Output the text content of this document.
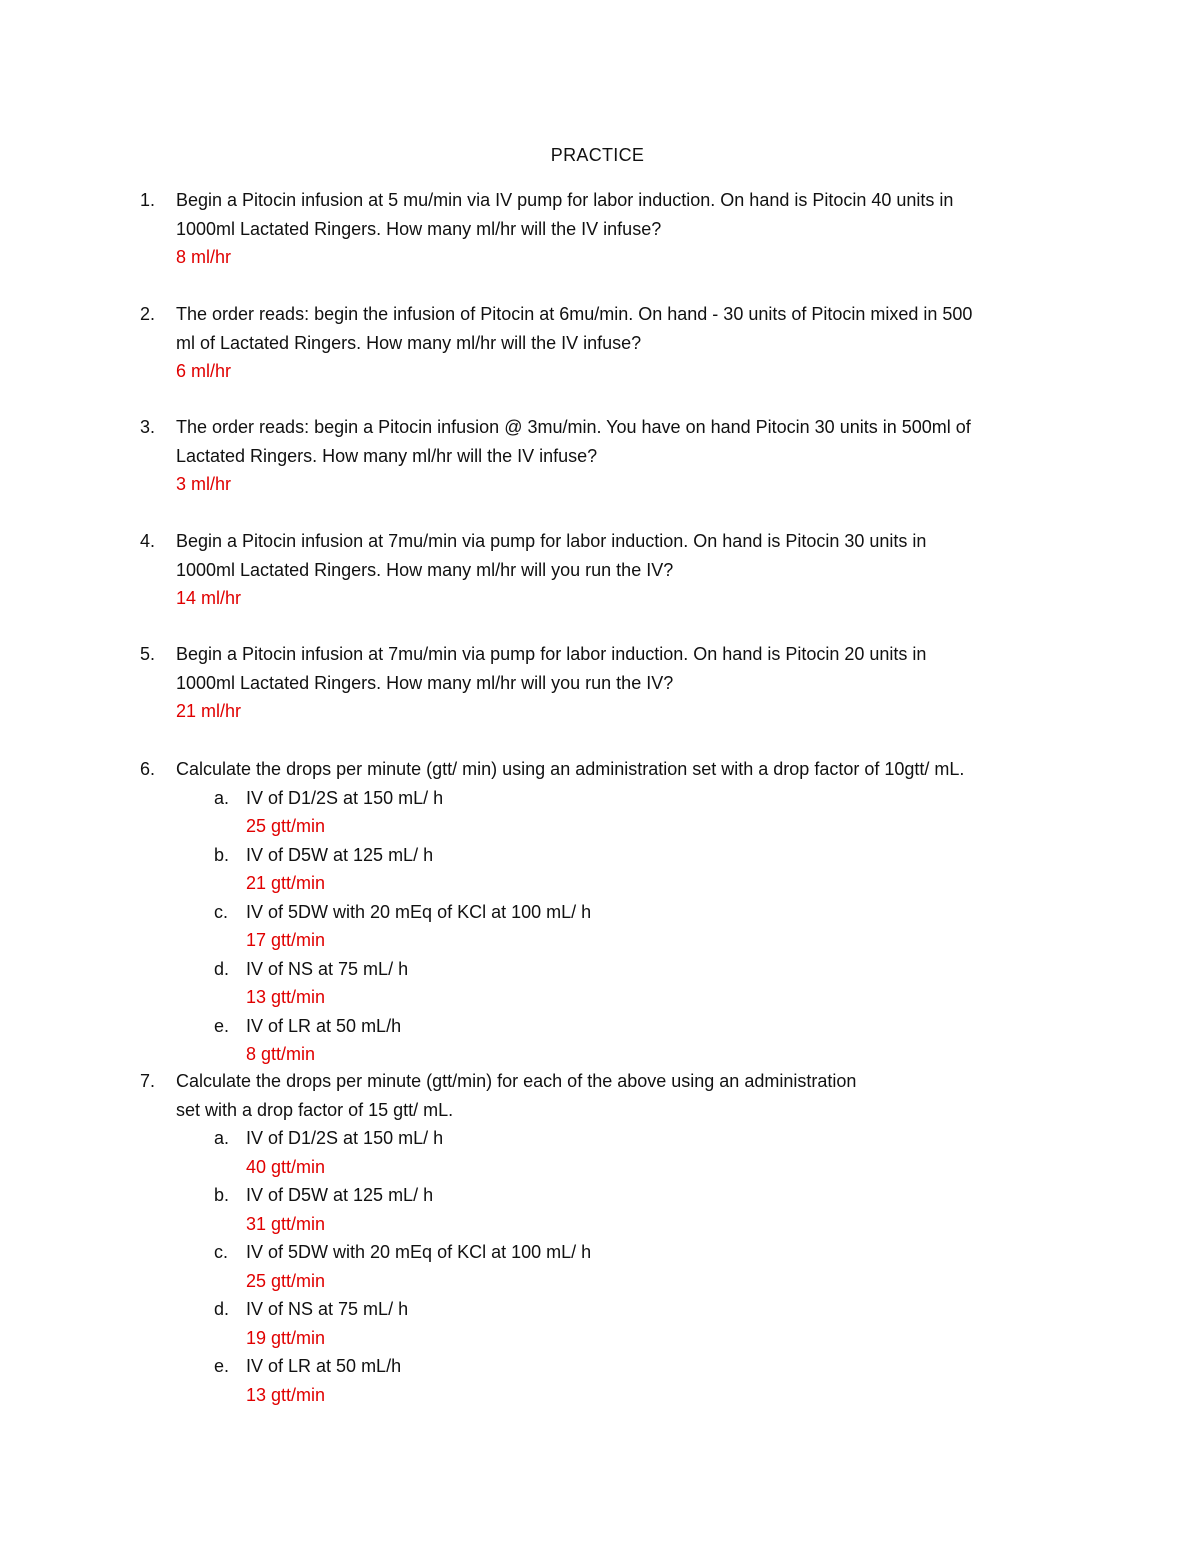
PRACTICE
1.	Begin a Pitocin infusion at 5 mu/min via IV pump for labor induction. On hand is Pitocin 40 units in
1000ml Lactated Ringers. How many ml/hr will the IV infuse?
8 ml/hr
2.	The order reads: begin the infusion of Pitocin at 6mu/min. On hand - 30 units of Pitocin mixed in 500
ml of Lactated Ringers. How many ml/hr will the IV infuse?
6 ml/hr
3.	The order reads: begin a Pitocin infusion @ 3mu/min. You have on hand Pitocin 30 units in 500ml of
Lactated Ringers. How many ml/hr will the IV infuse?
3 ml/hr
4.	Begin a Pitocin infusion at 7mu/min via pump for labor induction. On hand is Pitocin 30 units in
1000ml Lactated Ringers. How many ml/hr will you run the IV?
14 ml/hr
5.	Begin a Pitocin infusion at 7mu/min via pump for labor induction. On hand is Pitocin 20 units in
1000ml Lactated Ringers. How many ml/hr will you run the IV?
21 ml/hr
6.	Calculate the drops per minute (gtt/ min) using an administration set with a drop factor of 10gtt/ mL.
a. IV of D1/2S at 150 mL/ h
25 gtt/min
b. IV of D5W at 125 mL/ h
21 gtt/min
c. IV of 5DW with 20 mEq of KCl at 100 mL/ h
17 gtt/min
d. IV of NS at 75 mL/ h
13 gtt/min
e. IV of LR at 50 mL/h
8 gtt/min
7.	Calculate the drops per minute (gtt/min) for each of the above using an administration
set with a drop factor of 15 gtt/ mL.
a. IV of D1/2S at 150 mL/ h
40 gtt/min
b. IV of D5W at 125 mL/ h
31 gtt/min
c. IV of 5DW with 20 mEq of KCl at 100 mL/ h
25 gtt/min
d. IV of NS at 75 mL/ h
19 gtt/min
e. IV of LR at 50 mL/h
13 gtt/min
